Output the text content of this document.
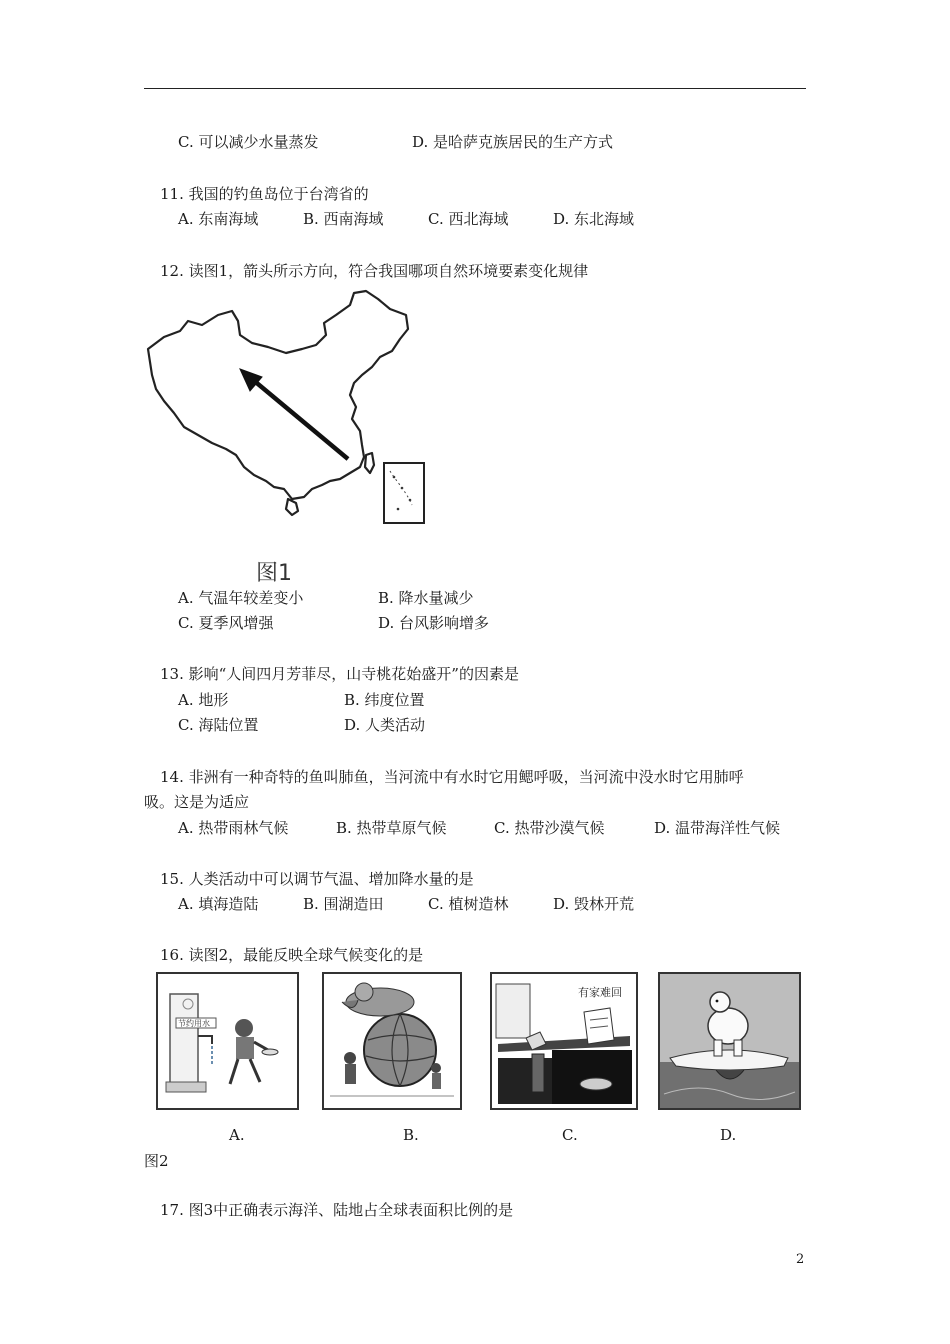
C. 可以减少水量蒸发	D. 是哈萨克族居民的生产方式
11. 我国的钓鱼岛位于台湾省的
A. 东南海域	B. 西南海域	C. 西北海域	D. 东北海域
12. 读图1，箭头所示方向，符合我国哪项自然环境要素变化规律
图1
A. 气温年较差变小	B. 降水量减少
C. 夏季风增强	D. 台风影响增多
13. 影响“人间四月芳菲尽，山寺桃花始盛开”的因素是
A. 地形	B. 纬度位置
C. 海陆位置	D. 人类活动
14. 非洲有一种奇特的鱼叫肺鱼，当河流中有水时它用鳃呼吸，当河流中没水时它用肺呼
吸。这是为适应
A. 热带雨林气候	B. 热带草原气候	C. 热带沙漠气候	D. 温带海洋性气候
15. 人类活动中可以调节气温、增加降水量的是
A. 填海造陆	B. 围湖造田	C. 植树造林	D. 毁林开荒
16. 读图2，最能反映全球气候变化的是
节约用水
有家难回
A.	B.	C.	D.
图2
17. 图3中正确表示海洋、陆地占全球表面积比例的是
2
